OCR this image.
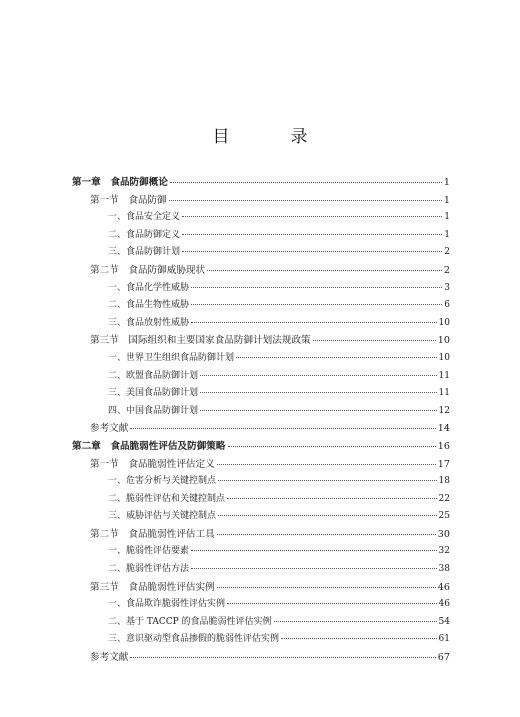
目　录
第一章　食品防御概论	1
第一节　食品防御	1
一、食品安全定义	1
二、食品防御定义	1
三、食品防御计划	2
第二节　食品防御威胁现状	2
一、食品化学性威胁	3
二、食品生物性威胁	6
三、食品放射性威胁	10
第三节　国际组织和主要国家食品防御计划法规政策	10
一、世界卫生组织食品防御计划	10
二、欧盟食品防御计划	11
三、美国食品防御计划	11
四、中国食品防御计划	12
参考文献	14
第二章　食品脆弱性评估及防御策略	16
第一节　食品脆弱性评估定义	17
一、危害分析与关键控制点	18
二、脆弱性评估和关键控制点	22
三、威胁评估与关键控制点	25
第二节　食品脆弱性评估工具	30
一、脆弱性评估要素	32
二、脆弱性评估方法	38
第三节　食品脆弱性评估实例	46
一、食品欺诈脆弱性评估实例	46
二、基于 TACCP 的食品脆弱性评估实例	54
三、意识驱动型食品掺假的脆弱性评估实例	61
参考文献	67
